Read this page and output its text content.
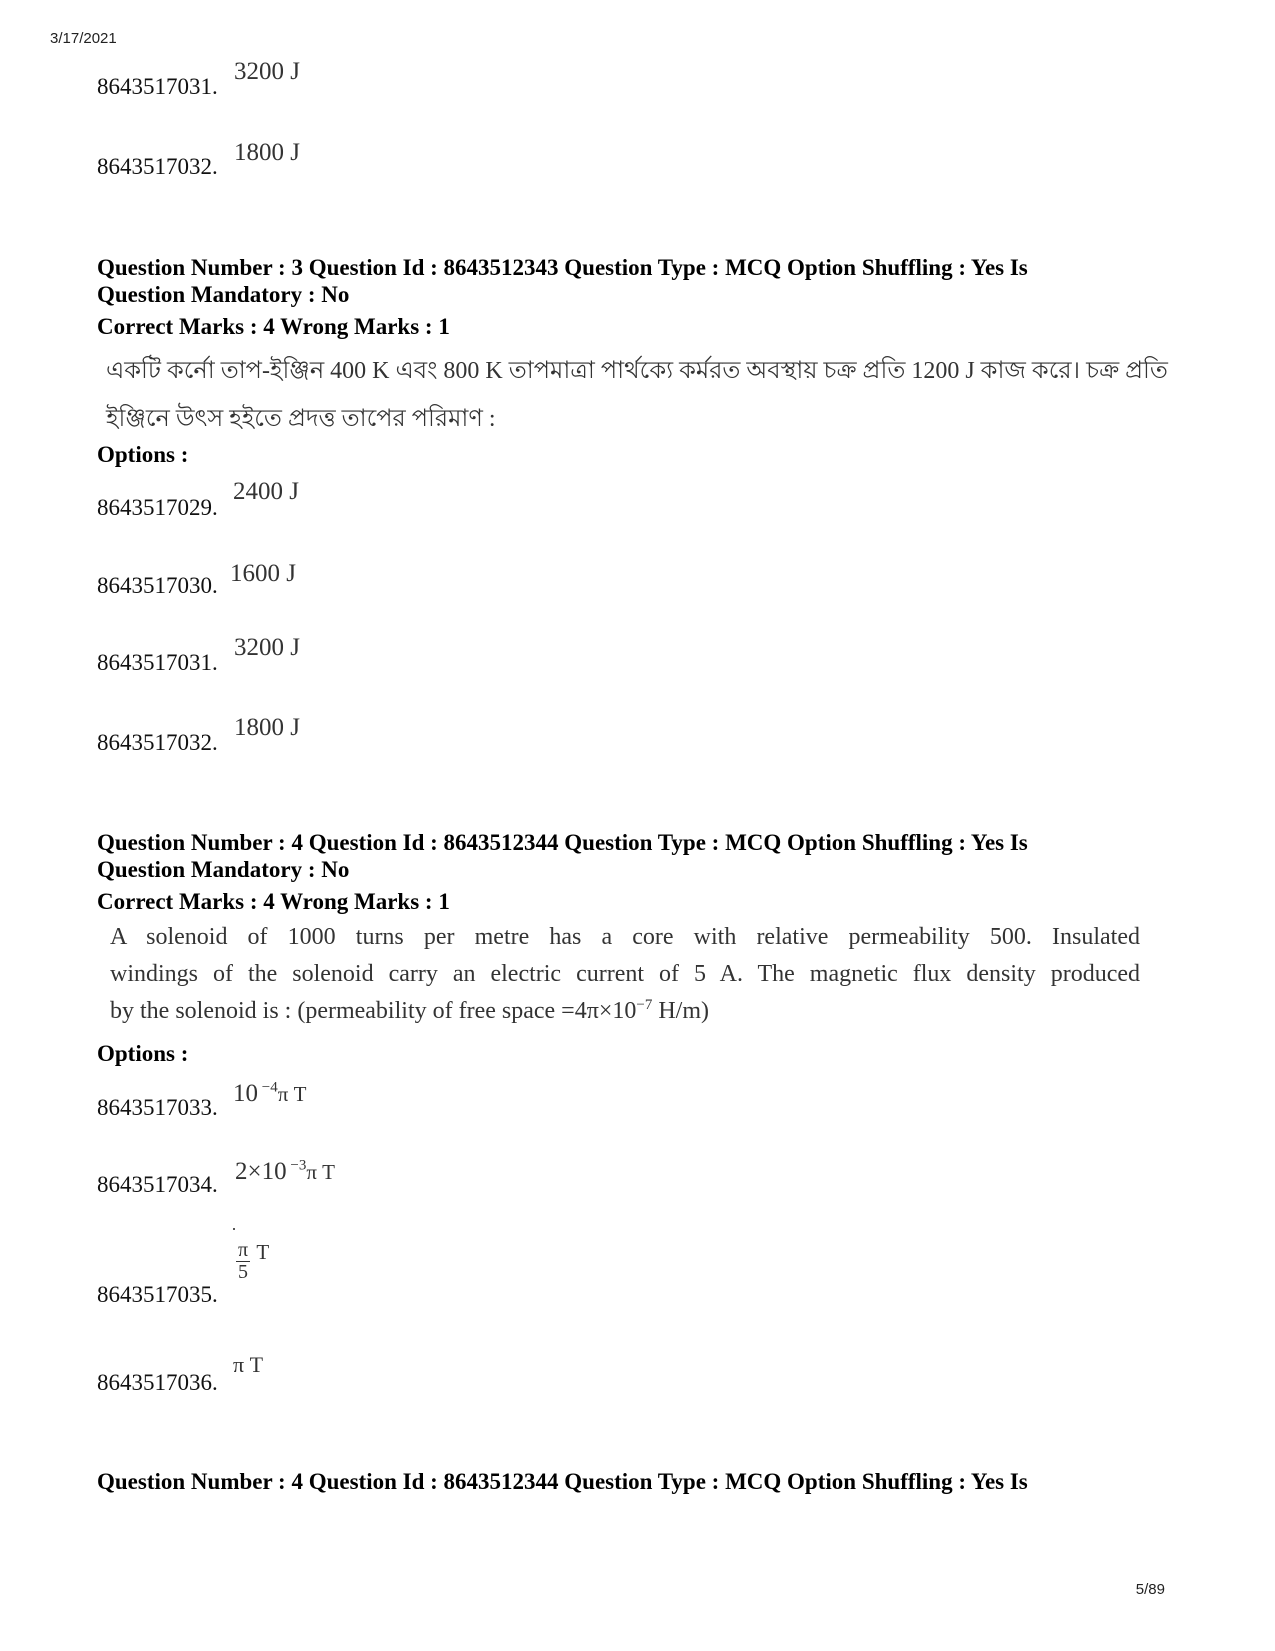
3/17/2021
8643517031.
3200 J
8643517032.
1800 J
Question Number : 3 Question Id : 8643512343 Question Type : MCQ Option Shuffling : Yes Is
Question Mandatory : No
Correct Marks : 4 Wrong Marks : 1
একটি কর্নো তাপ-ইঞ্জিন 400 K এবং 800 K তাপমাত্রা পার্থক্যে কর্মরত অবস্থায় চক্র প্রতি 1200 J কাজ করে। চক্র প্রতি
ইঞ্জিনে উৎস হইতে প্রদত্ত তাপের পরিমাণ :
Options :
8643517029.
2400 J
8643517030. 1600 J
8643517031.
3200 J
8643517032.
1800 J
Question Number : 4 Question Id : 8643512344 Question Type : MCQ Option Shuffling : Yes Is
Question Mandatory : No
Correct Marks : 4 Wrong Marks : 1
A solenoid of 1000 turns per metre has a core with relative permeability 500. Insulated
windings of the solenoid carry an electric current of 5 A. The magnetic flux density produced
by the solenoid is : (permeability of free space $=4\pi\times 10^{-7}$ H/m)
Options :
8643517033.
10 $^{-4}$π T
8643517034. 2×10 $^{-3}$π T
8643517035.
$\frac{\pi}{5} ^T$
8643517036.
π T
Question Number : 4 Question Id : 8643512344 Question Type : MCQ Option Shuffling : Yes Is
5/89
